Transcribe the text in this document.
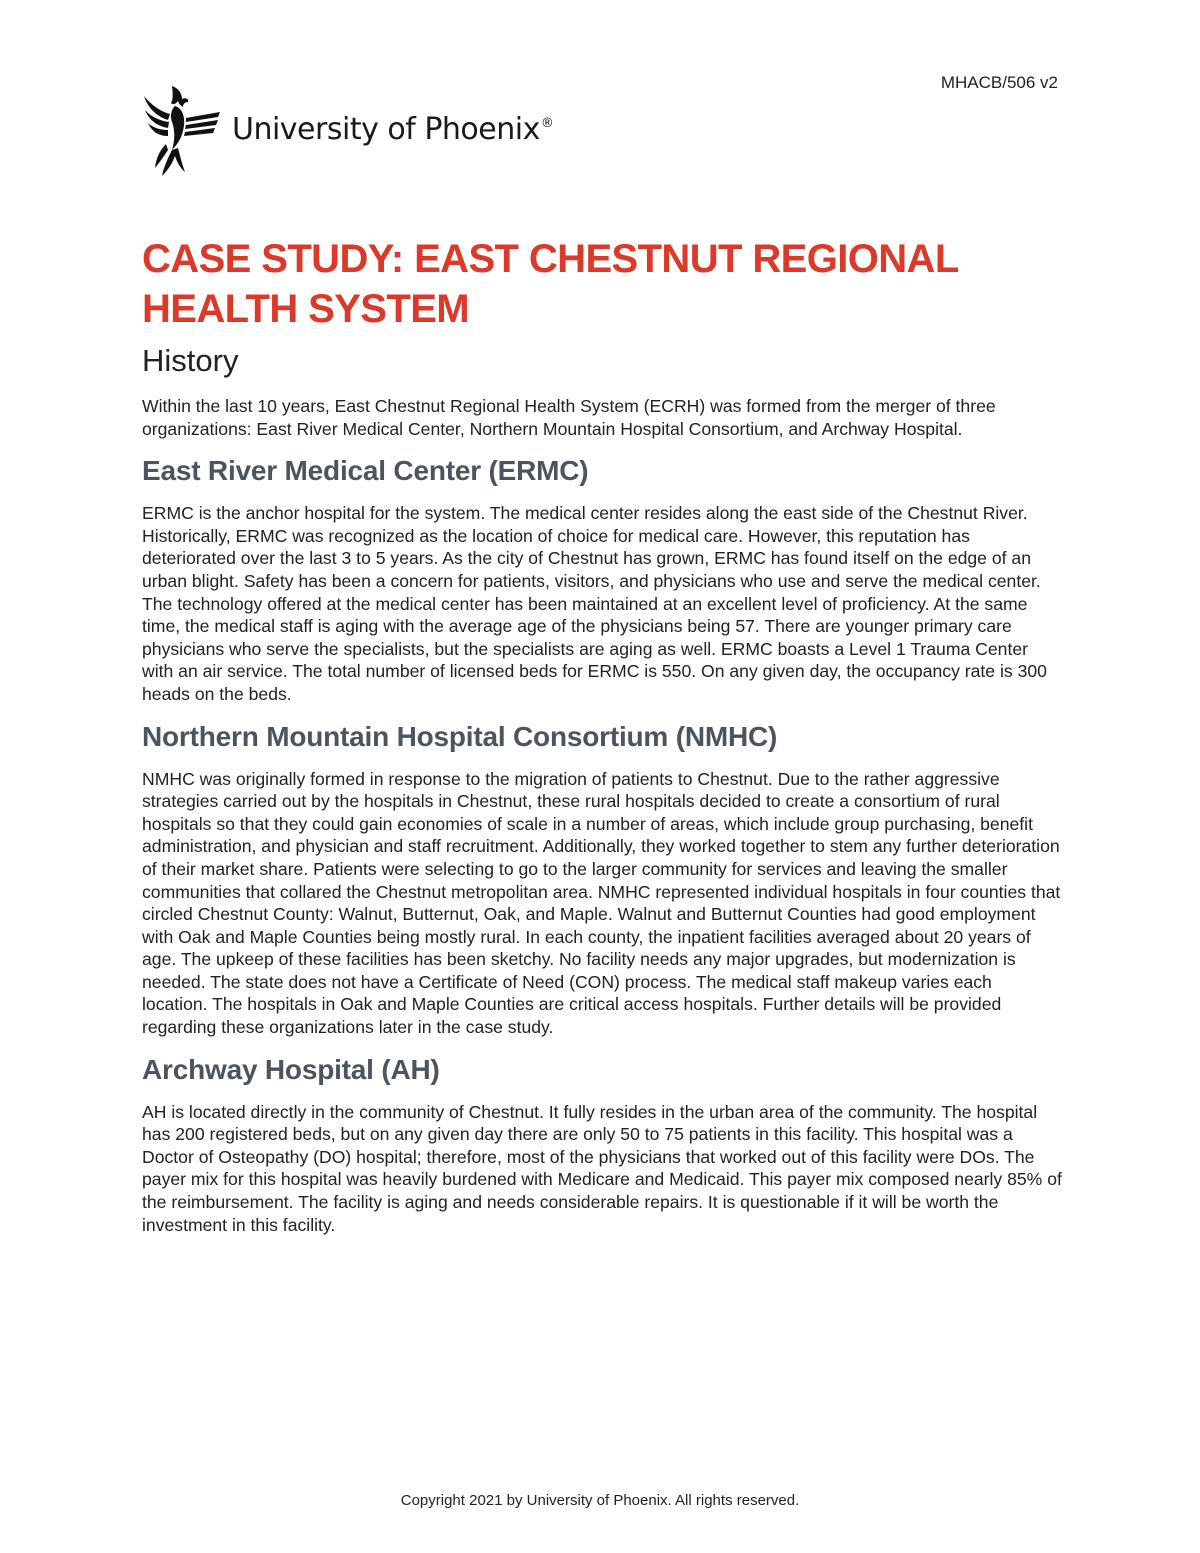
MHACB/506 v2
University of Phoenix®
CASE STUDY: EAST CHESTNUT REGIONAL HEALTH SYSTEM
History

Within the last 10 years, East Chestnut Regional Health System (ECRH) was formed from the merger of three organizations: East River Medical Center, Northern Mountain Hospital Consortium, and Archway Hospital.

East River Medical Center (ERMC)

ERMC is the anchor hospital for the system. The medical center resides along the east side of the Chestnut River. Historically, ERMC was recognized as the location of choice for medical care. However, this reputation has deteriorated over the last 3 to 5 years. As the city of Chestnut has grown, ERMC has found itself on the edge of an urban blight. Safety has been a concern for patients, visitors, and physicians who use and serve the medical center. The technology offered at the medical center has been maintained at an excellent level of proficiency. At the same time, the medical staff is aging with the average age of the physicians being 57. There are younger primary care physicians who serve the specialists, but the specialists are aging as well. ERMC boasts a Level 1 Trauma Center with an air service. The total number of licensed beds for ERMC is 550. On any given day, the occupancy rate is 300 heads on the beds.

Northern Mountain Hospital Consortium (NMHC)

NMHC was originally formed in response to the migration of patients to Chestnut. Due to the rather aggressive strategies carried out by the hospitals in Chestnut, these rural hospitals decided to create a consortium of rural hospitals so that they could gain economies of scale in a number of areas, which include group purchasing, benefit administration, and physician and staff recruitment. Additionally, they worked together to stem any further deterioration of their market share. Patients were selecting to go to the larger community for services and leaving the smaller communities that collared the Chestnut metropolitan area. NMHC represented individual hospitals in four counties that circled Chestnut County: Walnut, Butternut, Oak, and Maple. Walnut and Butternut Counties had good employment with Oak and Maple Counties being mostly rural. In each county, the inpatient facilities averaged about 20 years of age. The upkeep of these facilities has been sketchy. No facility needs any major upgrades, but modernization is needed. The state does not have a Certificate of Need (CON) process. The medical staff makeup varies each location. The hospitals in Oak and Maple Counties are critical access hospitals. Further details will be provided regarding these organizations later in the case study.

Archway Hospital (AH)

AH is located directly in the community of Chestnut. It fully resides in the urban area of the community. The hospital has 200 registered beds, but on any given day there are only 50 to 75 patients in this facility. This hospital was a Doctor of Osteopathy (DO) hospital; therefore, most of the physicians that worked out of this facility were DOs. The payer mix for this hospital was heavily burdened with Medicare and Medicaid. This payer mix composed nearly 85% of the reimbursement. The facility is aging and needs considerable repairs. It is questionable if it will be worth the investment in this facility.

Copyright 2021 by University of Phoenix. All rights reserved.
